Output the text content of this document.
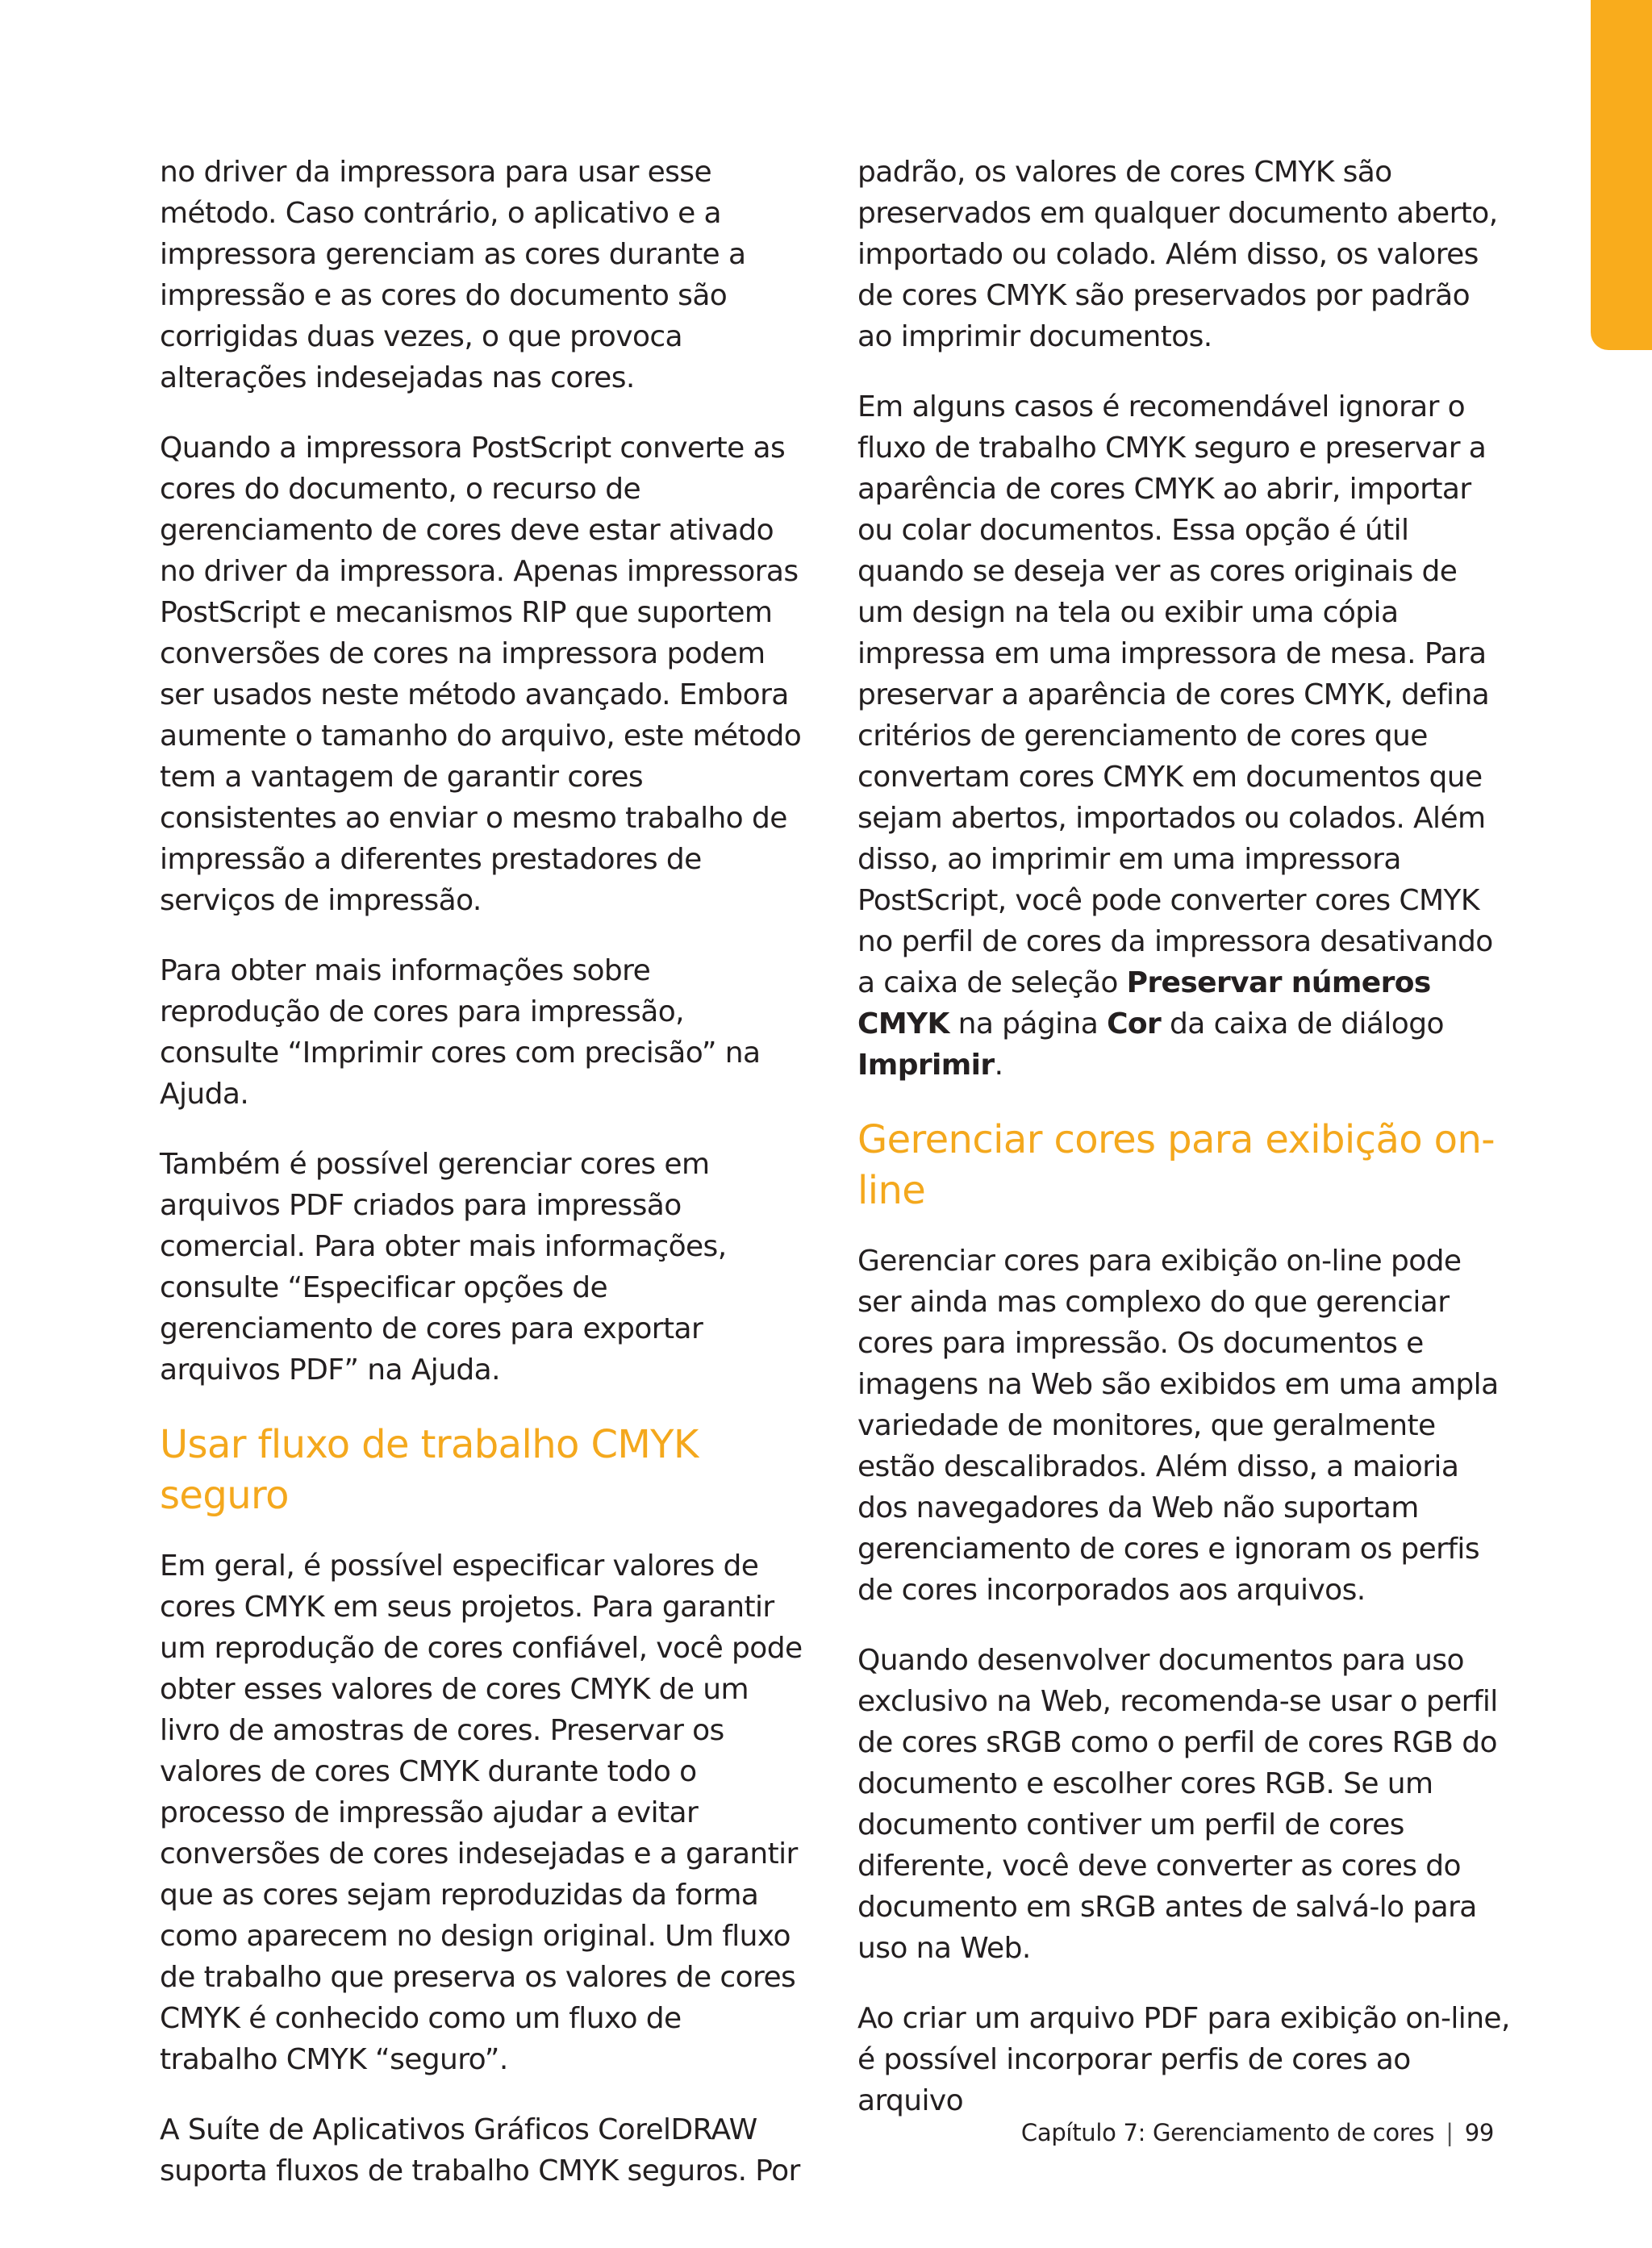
no driver da impressora para usar esse método. Caso contrário, o aplicativo e a impressora gerenciam as cores durante a impressão e as cores do documento são corrigidas duas vezes, o que provoca alterações indesejadas nas cores.

Quando a impressora PostScript converte as cores do documento, o recurso de gerenciamento de cores deve estar ativado no driver da impressora. Apenas impressoras PostScript e mecanismos RIP que suportem conversões de cores na impressora podem ser usados neste método avançado. Embora aumente o tamanho do arquivo, este método tem a vantagem de garantir cores consistentes ao enviar o mesmo trabalho de impressão a diferentes prestadores de serviços de impressão.

Para obter mais informações sobre reprodução de cores para impressão, consulte “Imprimir cores com precisão” na Ajuda.

Também é possível gerenciar cores em arquivos PDF criados para impressão comercial. Para obter mais informações, consulte “Especificar opções de gerenciamento de cores para exportar arquivos PDF” na Ajuda.

Usar fluxo de trabalho CMYK seguro

Em geral, é possível especificar valores de cores CMYK em seus projetos. Para garantir um reprodução de cores confiável, você pode obter esses valores de cores CMYK de um livro de amostras de cores. Preservar os valores de cores CMYK durante todo o processo de impressão ajudar a evitar conversões de cores indesejadas e a garantir que as cores sejam reproduzidas da forma como aparecem no design original. Um fluxo de trabalho que preserva os valores de cores CMYK é conhecido como um fluxo de trabalho CMYK “seguro”.

A Suíte de Aplicativos Gráficos CorelDRAW suporta fluxos de trabalho CMYK seguros. Por

padrão, os valores de cores CMYK são preservados em qualquer documento aberto, importado ou colado. Além disso, os valores de cores CMYK são preservados por padrão ao imprimir documentos.

Em alguns casos é recomendável ignorar o fluxo de trabalho CMYK seguro e preservar a aparência de cores CMYK ao abrir, importar ou colar documentos. Essa opção é útil quando se deseja ver as cores originais de um design na tela ou exibir uma cópia impressa em uma impressora de mesa. Para preservar a aparência de cores CMYK, defina critérios de gerenciamento de cores que convertam cores CMYK em documentos que sejam abertos, importados ou colados. Além disso, ao imprimir em uma impressora PostScript, você pode converter cores CMYK no perfil de cores da impressora desativando a caixa de seleção Preservar números CMYK na página Cor da caixa de diálogo Imprimir.

Gerenciar cores para exibição on-line

Gerenciar cores para exibição on-line pode ser ainda mas complexo do que gerenciar cores para impressão. Os documentos e imagens na Web são exibidos em uma ampla variedade de monitores, que geralmente estão descalibrados. Além disso, a maioria dos navegadores da Web não suportam gerenciamento de cores e ignoram os perfis de cores incorporados aos arquivos.

Quando desenvolver documentos para uso exclusivo na Web, recomenda-se usar o perfil de cores sRGB como o perfil de cores RGB do documento e escolher cores RGB. Se um documento contiver um perfil de cores diferente, você deve converter as cores do documento em sRGB antes de salvá-lo para uso na Web.

Ao criar um arquivo PDF para exibição on-line, é possível incorporar perfis de cores ao arquivo

Capítulo 7: Gerenciamento de cores | 99
